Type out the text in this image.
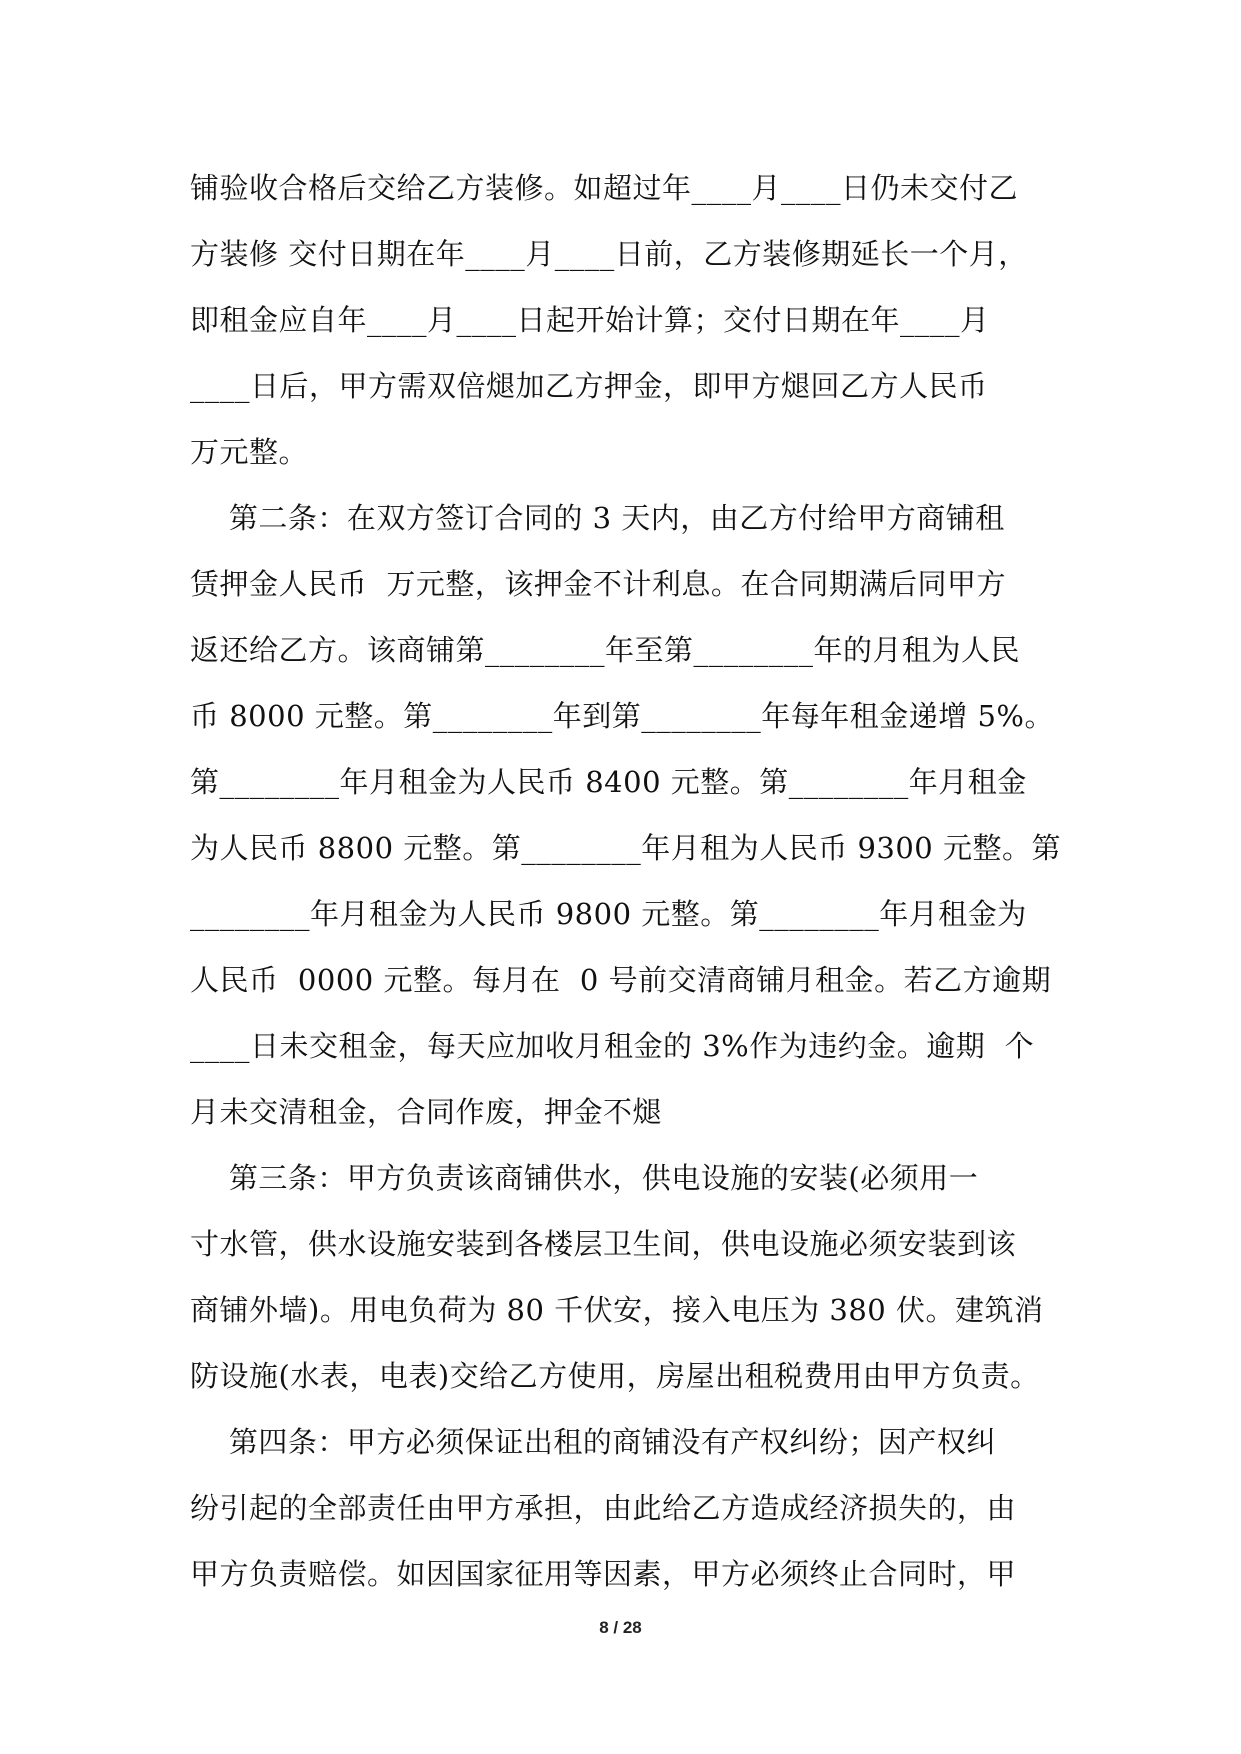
铺验收合格后交给乙方装修。如超过年____月____日仍未交付乙
方装修 交付日期在年____月____日前，乙方装修期延长一个月，
即租金应自年____月____日起开始计算；交付日期在年____月
____日后，甲方需双倍煺加乙方押金，即甲方煺回乙方人民币
万元整。
第二条：在双方签订合同的 3 天内，由乙方付给甲方商铺租
赁押金人民币  万元整，该押金不计利息。在合同期满后同甲方
返还给乙方。该商铺第________年至第________年的月租为人民
币 8000 元整。第________年到第________年每年租金递增 5%。
第________年月租金为人民币 8400 元整。第________年月租金
为人民币 8800 元整。第________年月租为人民币 9300 元整。第
________年月租金为人民币 9800 元整。第________年月租金为
人民币  0000 元整。每月在  0 号前交清商铺月租金。若乙方逾期
____日未交租金，每天应加收月租金的 3%作为违约金。逾期  个
月未交清租金，合同作废，押金不煺
第三条：甲方负责该商铺供水，供电设施的安装(必须用一
寸水管，供水设施安装到各楼层卫生间，供电设施必须安装到该
商铺外墙)。用电负荷为 80 千伏安，接入电压为 380 伏。建筑消
防设施(水表，电表)交给乙方使用，房屋出租税费用由甲方负责。
第四条：甲方必须保证出租的商铺没有产权纠纷；因产权纠
纷引起的全部责任由甲方承担，由此给乙方造成经济损失的，由
甲方负责赔偿。如因国家征用等因素，甲方必须终止合同时，甲
8 / 28
